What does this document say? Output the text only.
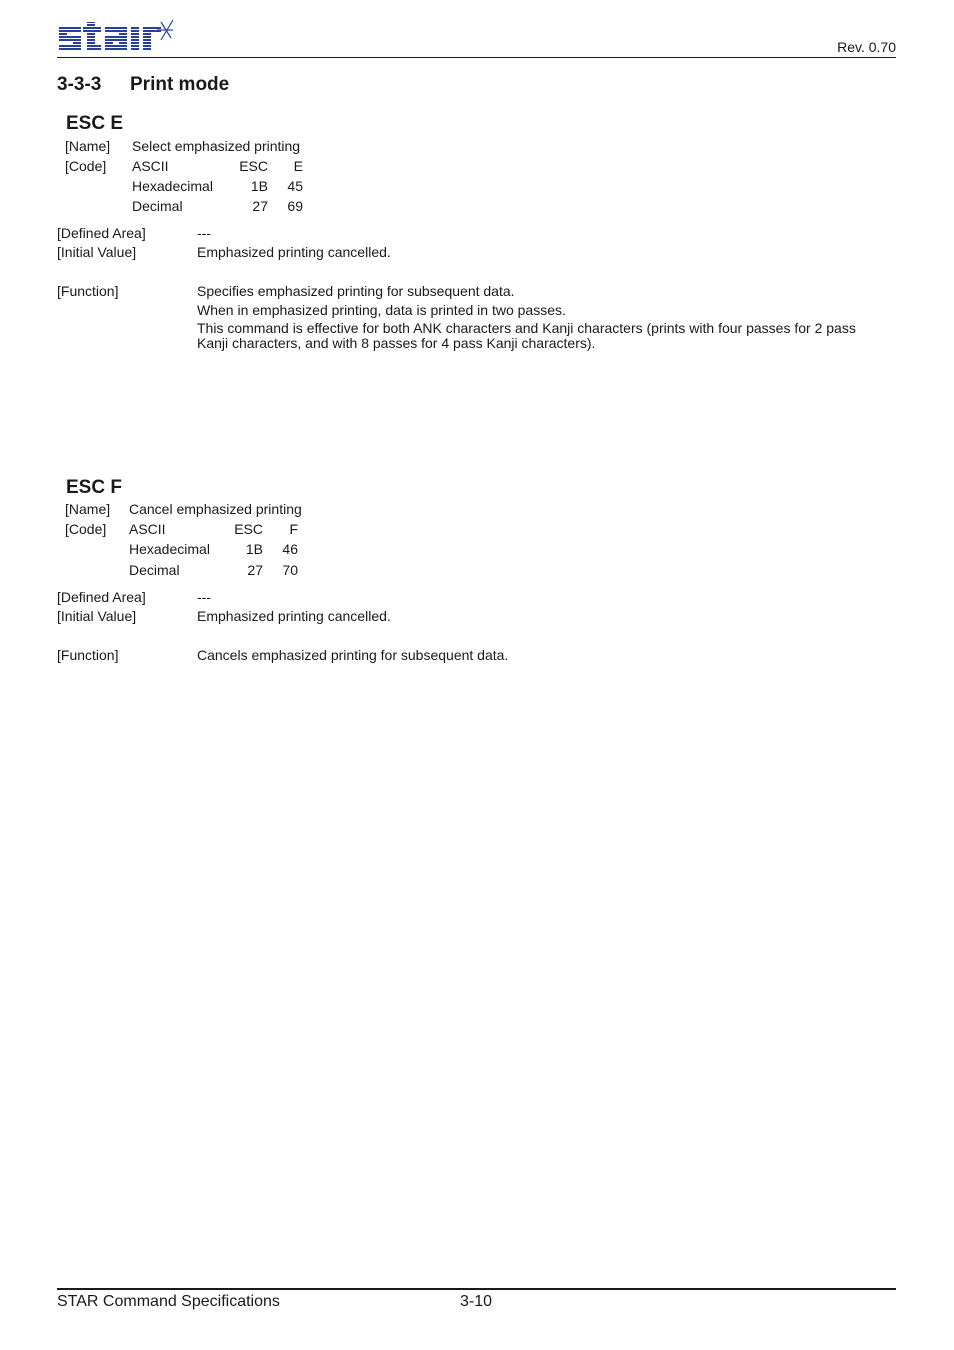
Rev. 0.70
3-3-3 Print mode
ESC E
[Name] Select emphasized printing
[Code] ASCII	ESC	E
Hexadecimal	1B	45
Decimal	27	69
[Defined Area]	---
[Initial Value]	Emphasized printing cancelled.
[Function]	Specifies emphasized printing for subsequent data.
When in emphasized printing, data is printed in two passes.
This command is effective for both ANK characters and Kanji characters (prints with four passes for 2 pass Kanji characters, and with 8 passes for 4 pass Kanji characters).
ESC F
[Name] Cancel emphasized printing
[Code] ASCII	ESC	F
Hexadecimal	1B	46
Decimal	27	70
[Defined Area]	---
[Initial Value]	Emphasized printing cancelled.
[Function]	Cancels emphasized printing for subsequent data.
STAR Command Specifications	3-10
